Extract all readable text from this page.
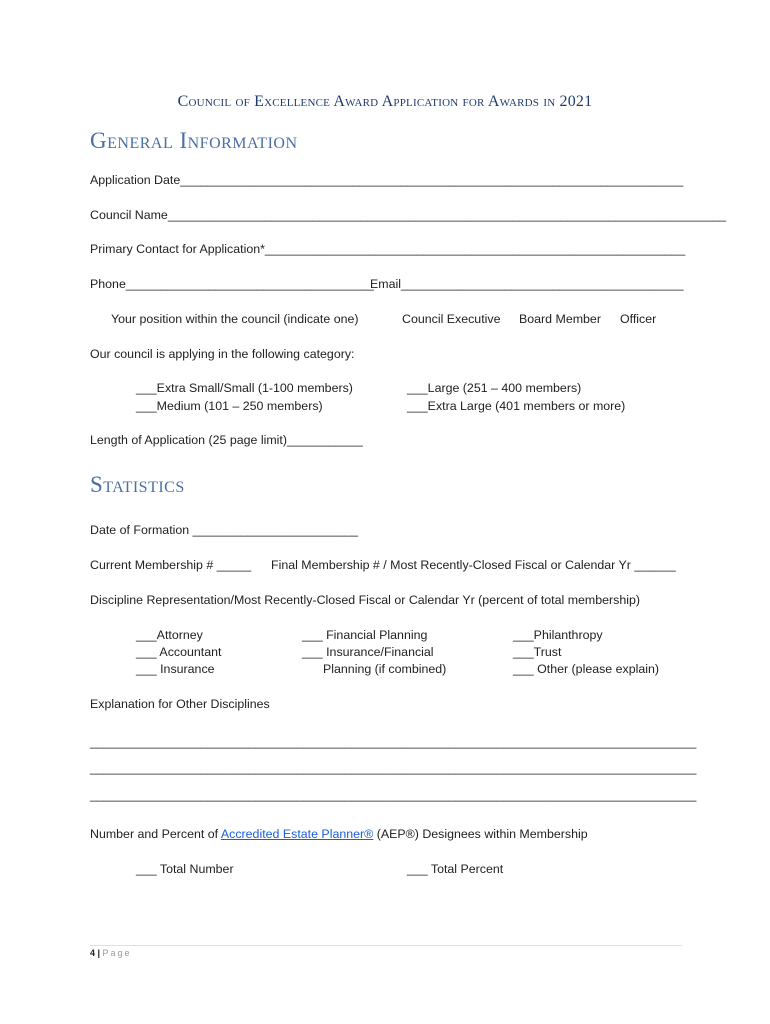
Council of Excellence Award Application for Awards in 2021
General Information
Application Date_________________________________________________________________________
Council Name_________________________________________________________________________________
Primary Contact for Application*_____________________________________________________________
Phone____________________________________
Email_________________________________________
Your position within the council (indicate one)	Council Executive Board Member Officer
Our council is applying in the following category:
___Extra Small/Small (1-100 members)
___Medium (101 – 250 members)
___Large (251 – 400 members)
___Extra Large (401 members or more)
Length of Application (25 page limit)___________
Statistics
Date of Formation ________________________
Current Membership # _____ Final Membership # / Most Recently-Closed Fiscal or Calendar Yr ______
Discipline Representation/Most Recently-Closed Fiscal or Calendar Yr (percent of total membership)
___Attorney
___ Accountant
___ Insurance
___ Financial Planning
___ Insurance/Financial
Planning (if combined)
___Philanthropy
___Trust
___ Other (please explain)
Explanation for Other Disciplines
________________________________________________________________________________________
________________________________________________________________________________________
________________________________________________________________________________________
Number and Percent of Accredited Estate Planner® (AEP®) Designees within Membership
___ Total Number	___ Total Percent
4 | Page
